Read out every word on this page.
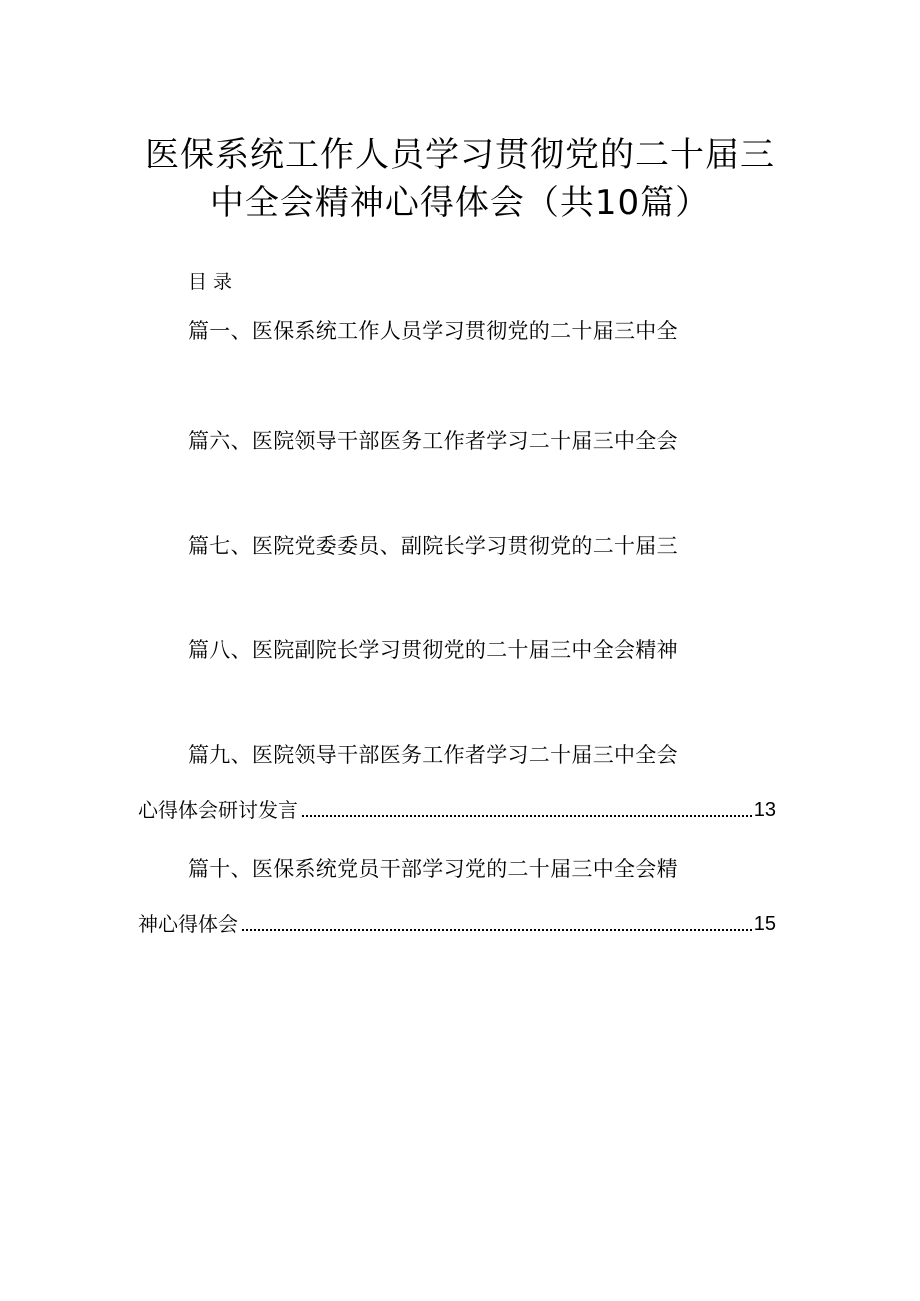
医保系统工作人员学习贯彻党的二十届三
中全会精神心得体会（共10篇）
目录
篇一、医保系统工作人员学习贯彻党的二十届三中全
篇六、医院领导干部医务工作者学习二十届三中全会
篇七、医院党委委员、副院长学习贯彻党的二十届三
篇八、医院副院长学习贯彻党的二十届三中全会精神
篇九、医院领导干部医务工作者学习二十届三中全会
心得体会研讨发言	13
篇十、医保系统党员干部学习党的二十届三中全会精
神心得体会	15
